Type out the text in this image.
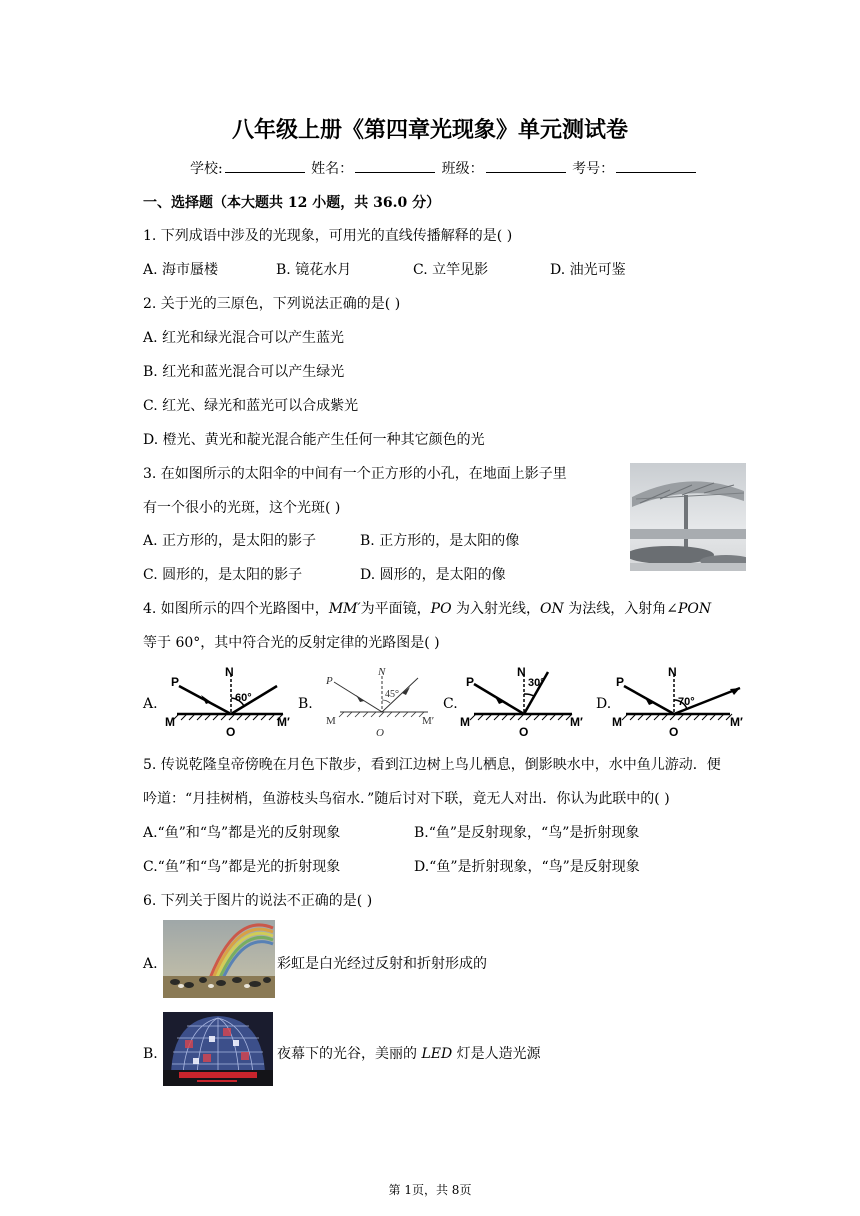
八年级上册《第四章光现象》单元测试卷
学校:	姓名：	班级：	考号：
一、选择题（本大题共 12 小题，共 36.0 分）
1. 下列成语中涉及的光现象，可用光的直线传播解释的是( )
A. 海市蜃楼	B. 镜花水月	C. 立竿见影	D. 油光可鉴
2. 关于光的三原色，下列说法正确的是( )
A. 红光和绿光混合可以产生蓝光
B. 红光和蓝光混合可以产生绿光
C. 红光、绿光和蓝光可以合成紫光
D. 橙光、黄光和靛光混合能产生任何一种其它颜色的光
3. 在如图所示的太阳伞的中间有一个正方形的小孔，在地面上影子里
有一个很小的光斑，这个光斑( )
A. 正方形的，是太阳的影子	B. 正方形的，是太阳的像
C. 圆形的，是太阳的影子	D. 圆形的，是太阳的像
4. 如图所示的四个光路图中，MM′为平面镜，PO 为入射光线，ON 为法线，入射角∠PON
等于 60°，其中符合光的反射定律的光路图是( )
A.	B.	C.	D.
P
N
60°
M
O
M′
P
N
45°
M
O
M′
P
N
30°
M
O
M′
P
N
70°
M
O
M′
5. 传说乾隆皇帝傍晚在月色下散步，看到江边树上鸟儿栖息，倒影映水中，水中鱼儿游动．便
吟道：“月挂树梢，鱼游枝头鸟宿水．”随后讨对下联，竟无人对出．你认为此联中的( )
A.“鱼”和“鸟”都是光的反射现象	B.“鱼”是反射现象，“鸟”是折射现象
C.“鱼”和“鸟”都是光的折射现象	D.“鱼”是折射现象，“鸟”是反射现象
6. 下列关于图片的说法不正确的是( )
A.	彩虹是白光经过反射和折射形成的
B.	夜幕下的光谷，美丽的 LED 灯是人造光源
第 1页，共 8页
